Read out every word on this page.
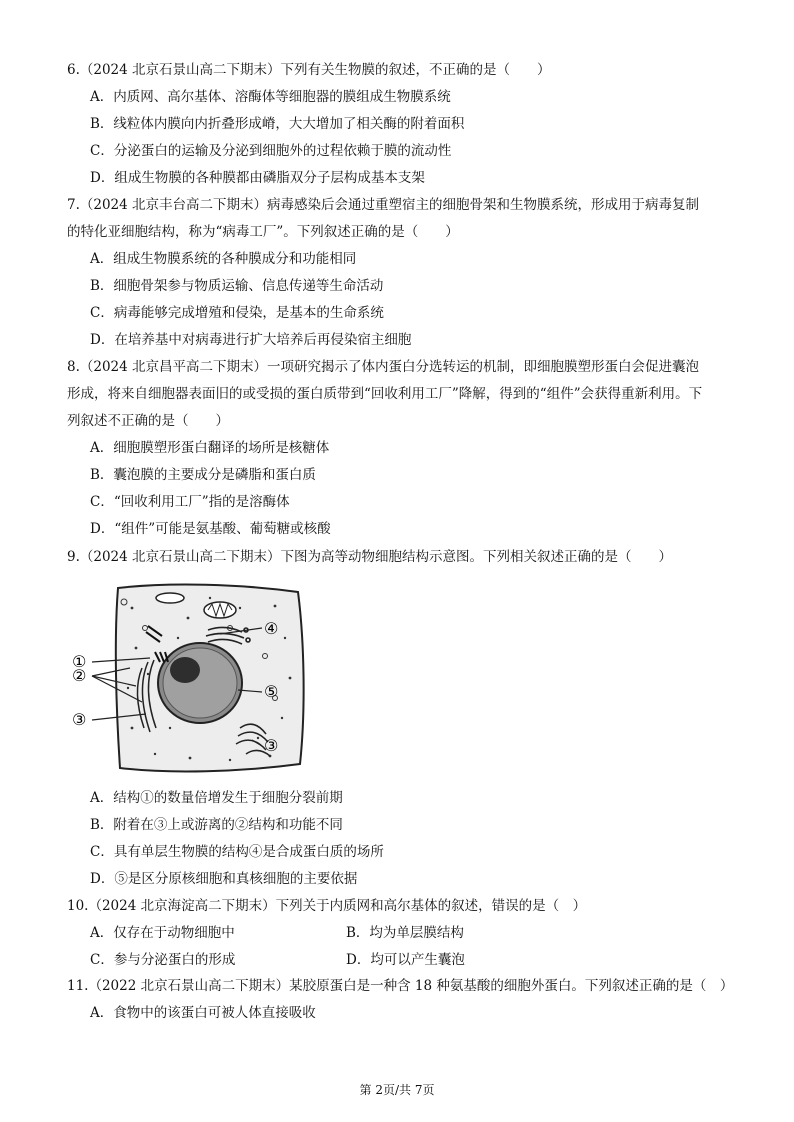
6.（2024 北京石景山高二下期末）下列有关生物膜的叙述，不正确的是（　　）
A．内质网、高尔基体、溶酶体等细胞器的膜组成生物膜系统
B．线粒体内膜向内折叠形成嵴，大大增加了相关酶的附着面积
C．分泌蛋白的运输及分泌到细胞外的过程依赖于膜的流动性
D．组成生物膜的各种膜都由磷脂双分子层构成基本支架
7.（2024 北京丰台高二下期末）病毒感染后会通过重塑宿主的细胞骨架和生物膜系统，形成用于病毒复制
的特化亚细胞结构，称为“病毒工厂”。下列叙述正确的是（　　）
A．组成生物膜系统的各种膜成分和功能相同
B．细胞骨架参与物质运输、信息传递等生命活动
C．病毒能够完成增殖和侵染，是基本的生命系统
D．在培养基中对病毒进行扩大培养后再侵染宿主细胞
8.（2024 北京昌平高二下期末）一项研究揭示了体内蛋白分选转运的机制，即细胞膜塑形蛋白会促进囊泡
形成，将来自细胞器表面旧的或受损的蛋白质带到“回收利用工厂”降解，得到的“组件”会获得重新利用。下
列叙述不正确的是（　　）
A．细胞膜塑形蛋白翻译的场所是核糖体
B．囊泡膜的主要成分是磷脂和蛋白质
C．“回收利用工厂”指的是溶酶体
D．“组件”可能是氨基酸、葡萄糖或核酸
9.（2024 北京石景山高二下期末）下图为高等动物细胞结构示意图。下列相关叙述正确的是（　　）
①
②
③
④
⑤
③
A．结构①的数量倍增发生于细胞分裂前期
B．附着在③上或游离的②结构和功能不同
C．具有单层生物膜的结构④是合成蛋白质的场所
D．⑤是区分原核细胞和真核细胞的主要依据
10.（2024 北京海淀高二下期末）下列关于内质网和高尔基体的叙述，错误的是（　）
A．仅存在于动物细胞中	B．均为单层膜结构
C．参与分泌蛋白的形成	D．均可以产生囊泡
11.（2022 北京石景山高二下期末）某胶原蛋白是一种含 18 种氨基酸的细胞外蛋白。下列叙述正确的是（　）
A．食物中的该蛋白可被人体直接吸收
第 2页/共 7页
